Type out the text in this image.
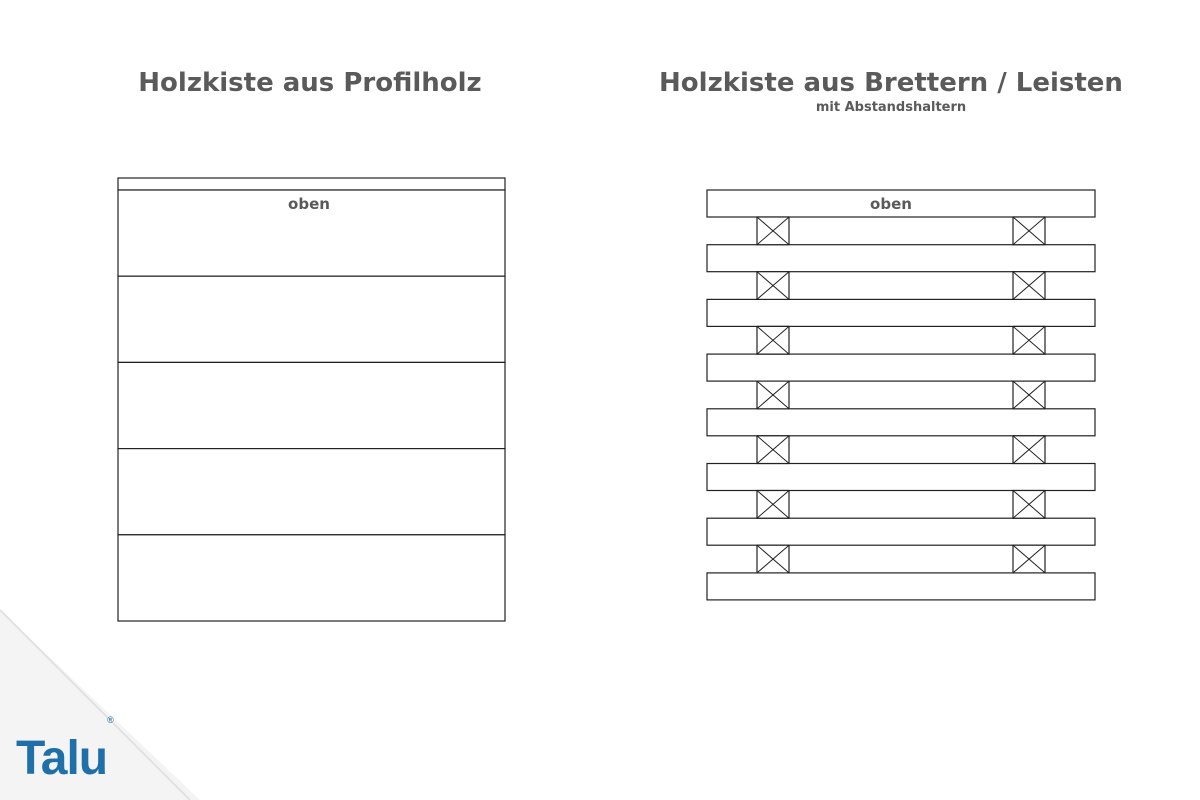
Holzkiste aus Profilholz	Holzkiste aus Brettern / Leisten
mit Abstandshaltern
oben	oben
Talu®
